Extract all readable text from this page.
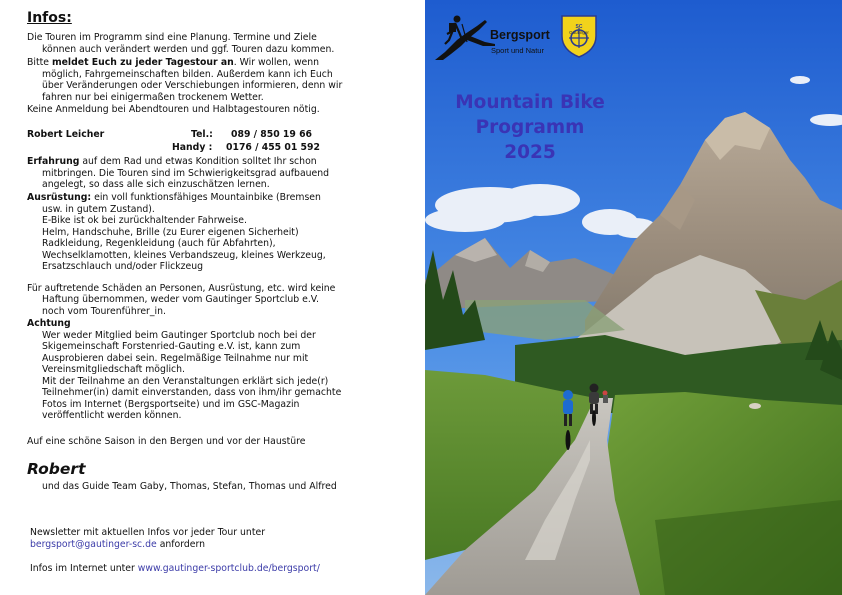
Infos:
Die Touren im Programm sind eine Planung. Termine und Ziele
können auch verändert werden und ggf. Touren dazu kommen.
Bitte meldet Euch zu jeder Tagestour an. Wir wollen, wenn
möglich, Fahrgemeinschaften bilden. Außerdem kann ich Euch
über Veränderungen oder Verschiebungen informieren, denn wir
fahren nur bei einigermaßen trockenem Wetter.
Keine Anmeldung bei Abendtouren und Halbtagestouren nötig.
Robert Leicher	Tel.: 089 / 850 19 66
Handy : 0176 / 455 01 592
Erfahrung auf dem Rad und etwas Kondition solltet Ihr schon
mitbringen. Die Touren sind im Schwierigkeitsgrad aufbauend
angelegt, so dass alle sich einzuschätzen lernen.
Ausrüstung: ein voll funktionsfähiges Mountainbike (Bremsen
usw. in gutem Zustand).
E-Bike ist ok bei zurückhaltender Fahrweise.
Helm, Handschuhe, Brille (zu Eurer eigenen Sicherheit)
Radkleidung, Regenkleidung (auch für Abfahrten),
Wechselklamotten, kleines Verbandszeug, kleines Werkzeug,
Ersatzschlauch und/oder Flickzeug
Für auftretende Schäden an Personen, Ausrüstung, etc. wird keine
Haftung übernommen, weder vom Gautinger Sportclub e.V.
noch vom Tourenführer_in.
Achtung
Wer weder Mitglied beim Gautinger Sportclub noch bei der
Skigemeinschaft Forstenried-Gauting e.V. ist, kann zum
Ausprobieren dabei sein. Regelmäßige Teilnahme nur mit
Vereinsmitgliedschaft möglich.
Mit der Teilnahme an den Veranstaltungen erklärt sich jede(r)
Teilnehmer(in) damit einverstanden, dass von ihm/ihr gemachte
Fotos im Internet (Bergsportseite) und im GSC-Magazin
veröffentlicht werden können.
Auf eine schöne Saison in den Bergen und vor der Haustüre
Robert
und das Guide Team Gaby, Thomas, Stefan, Thomas und Alfred
Newsletter mit aktuellen Infos vor jeder Tour unter
bergsport@gautinger-sc.de anfordern
Infos im Internet unter www.gautinger-sportclub.de/bergsport/
Bergsport
Sport und Natur
SC
Gautinger
Mountain Bike
Programm
2025
